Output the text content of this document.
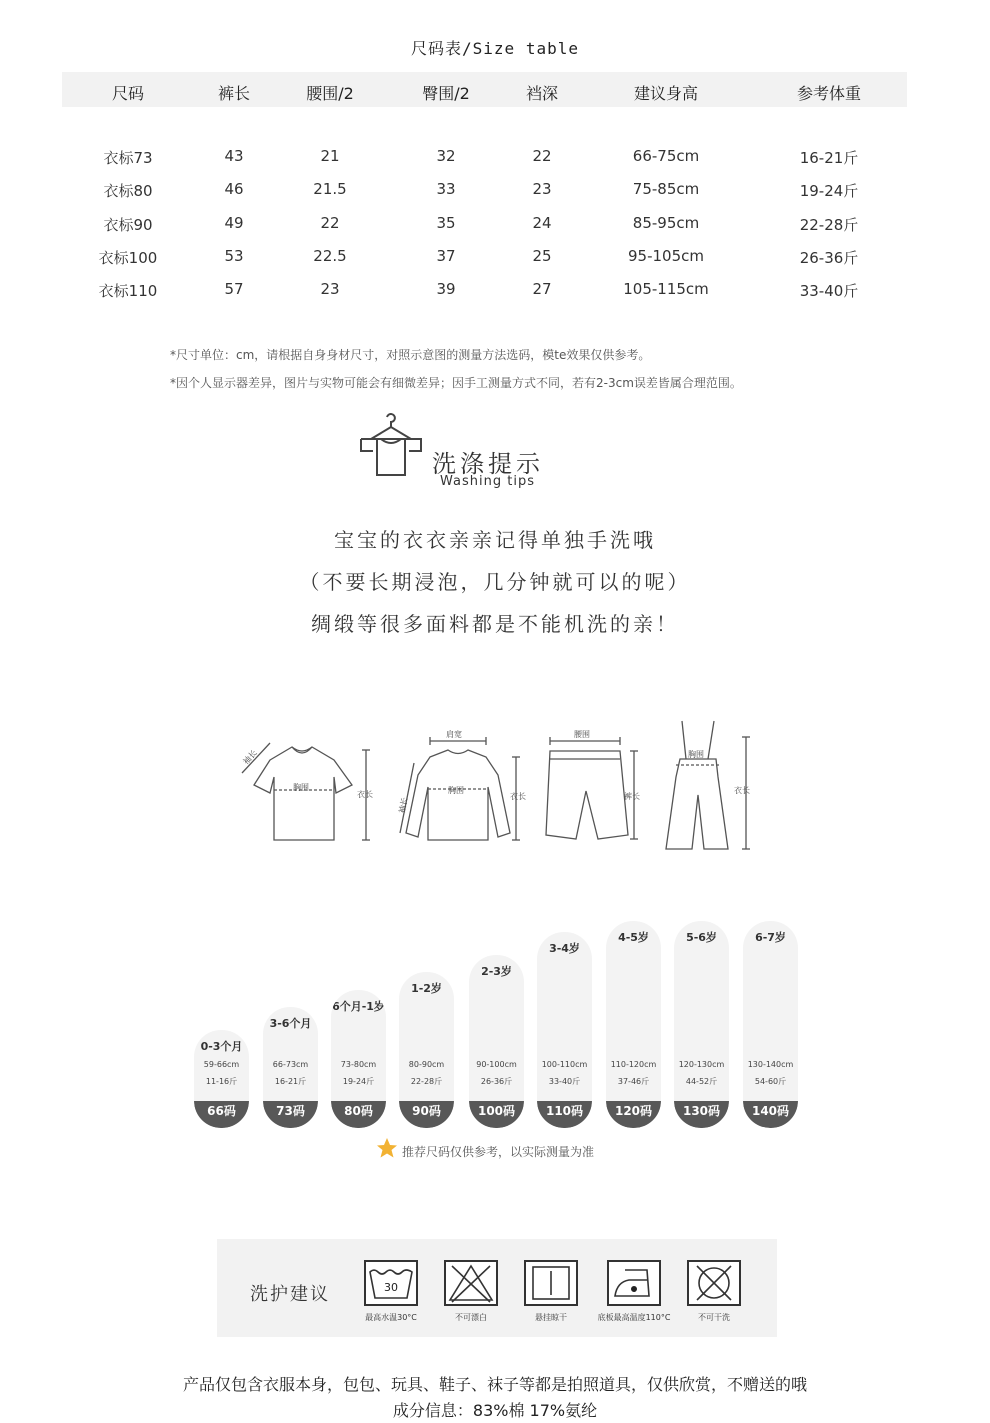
尺码表/Size table
尺码	裤长	腰围/2	臀围/2	裆深	建议身高	参考体重
衣标73	43	21	32	22	66-75cm	16-21斤
衣标80	46	21.5	33	23	75-85cm	19-24斤
衣标90	49	22	35	24	85-95cm	22-28斤
衣标100	53	22.5	37	25	95-105cm	26-36斤
衣标110	57	23	39	27	105-115cm	33-40斤
*尺寸单位：cm，请根据自身身材尺寸，对照示意图的测量方法选码，模te效果仅供参考。
*因个人显示器差异，图片与实物可能会有细微差异；因手工测量方式不同，若有2-3cm误差皆属合理范围。
洗涤提示
Washing tips
宝宝的衣衣亲亲记得单独手洗哦
（不要长期浸泡，几分钟就可以的呢）
绸缎等很多面料都是不能机洗的亲！
胸围
衣长
袖长
肩宽
胸围
衣长
袖长
腰围
裤长
胸围
衣长
0-3个月
59-66cm
11-16斤
66码
3-6个月
66-73cm
16-21斤
73码
6个月-1岁
73-80cm
19-24斤
80码
1-2岁
80-90cm
22-28斤
90码
2-3岁
90-100cm
26-36斤
100码
3-4岁
100-110cm
33-40斤
110码
4-5岁
110-120cm
37-46斤
120码
5-6岁
120-130cm
44-52斤
130码
6-7岁
130-140cm
54-60斤
140码
推荐尺码仅供参考，以实际测量为准
洗护建议	30
最高水温30°C	不可漂白	悬挂晾干	底板最高温度110°C	不可干洗
产品仅包含衣服本身，包包、玩具、鞋子、袜子等都是拍照道具，仅供欣赏，不赠送的哦
成分信息：83%棉 17%氨纶
